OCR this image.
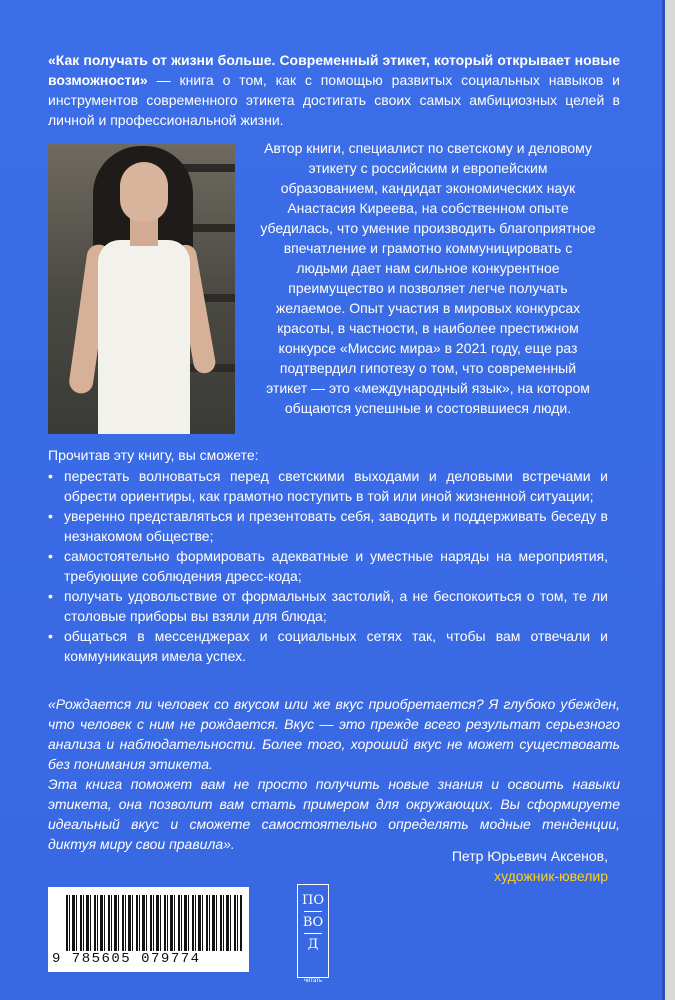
«Как получать от жизни больше. Современный этикет, который открывает новые возможности» — книга о том, как с помощью развитых социальных навыков и инструментов современного этикета достигать своих самых амбициозных целей в личной и профессиональной жизни.
Автор книги, специалист по светскому и деловому этикету с российским и европейским образованием, кандидат экономических наук Анастасия Киреева, на собственном опыте убедилась, что умение производить благоприятное впечатление и грамотно коммуницировать с людьми дает нам сильное конкурентное преимущество и позволяет легче получать желаемое. Опыт участия в мировых конкурсах красоты, в частности, в наиболее престижном конкурсе «Миссис мира» в 2021 году, еще раз подтвердил гипотезу о том, что современный этикет — это «международный язык», на котором общаются успешные и состоявшиеся люди.
Прочитав эту книгу, вы сможете:
• перестать волноваться перед светскими выходами и деловыми встречами и обрести ориентиры, как грамотно поступить в той или иной жизненной ситуации;
• уверенно представляться и презентовать себя, заводить и поддерживать беседу в незнакомом обществе;
• самостоятельно формировать адекватные и уместные наряды на мероприятия, требующие соблюдения дресс-кода;
• получать удовольствие от формальных застолий, а не беспокоиться о том, те ли столовые приборы вы взяли для блюда;
• общаться в мессенджерах и социальных сетях так, чтобы вам отвечали и коммуникация имела успех.

«Рождается ли человек со вкусом или же вкус приобретается? Я глубоко убежден, что человек с ним не рождается. Вкус — это прежде всего результат серьезного анализа и наблюдательности. Более того, хороший вкус не может существовать без понимания этикета.

Эта книга поможет вам не просто получить новые знания и освоить навыки этикета, она позволит вам стать примером для окружающих. Вы сформируете идеальный вкус и сможете самостоятельно определять модные тенденции, диктуя миру свои правила».

Петр Юрьевич Аксенов,
художник-ювелир
9 785605 079774
ПО
ВО
Д
читать
